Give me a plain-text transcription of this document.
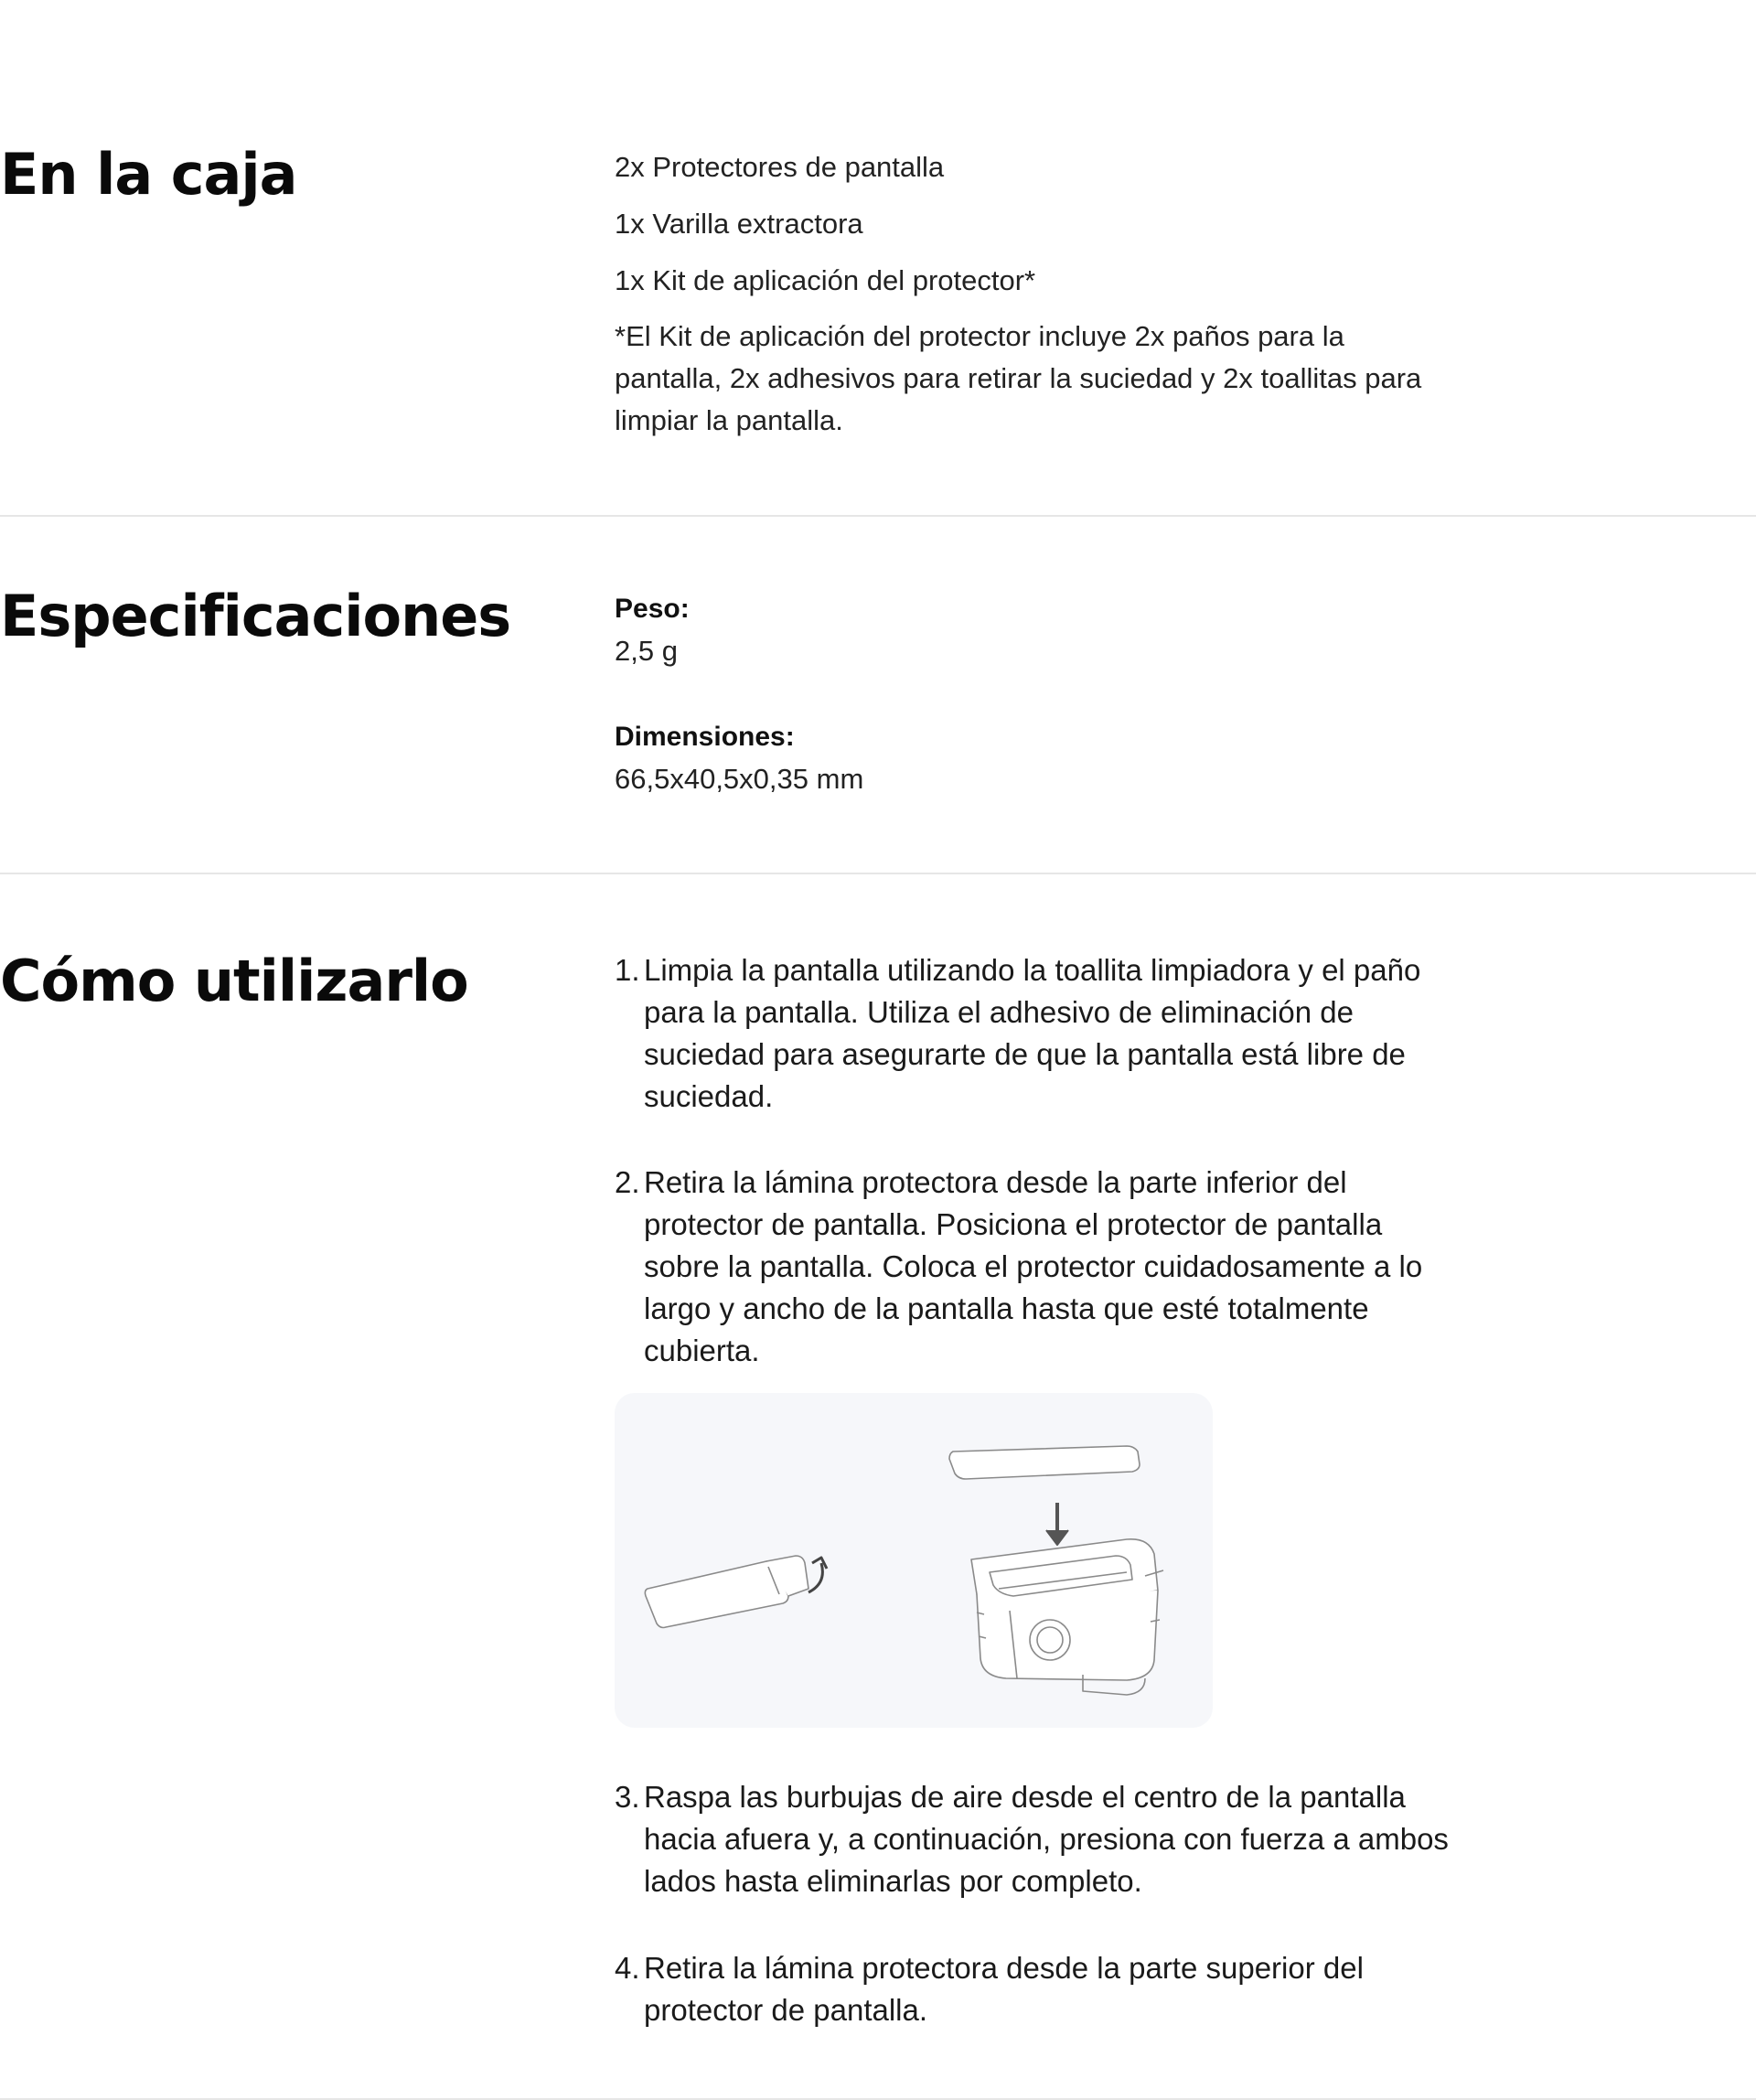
En la caja	2x Protectores de pantalla

1x Varilla extractora

1x Kit de aplicación del protector*

*El Kit de aplicación del protector incluye 2x paños para la pantalla, 2x adhesivos para retirar la suciedad y 2x toallitas para limpiar la pantalla.

Especificaciones	Peso:

2,5 g

Dimensiones:

66,5x40,5x0,35 mm

Cómo utilizarlo	1. Limpia la pantalla utilizando la toallita limpiadora y el paño para la pantalla. Utiliza el adhesivo de eliminación de suciedad para asegurarte de que la pantalla está libre de suciedad.
2. Retira la lámina protectora desde la parte inferior del protector de pantalla. Posiciona el protector de pantalla sobre la pantalla. Coloca el protector cuidadosamente a lo largo y ancho de la pantalla hasta que esté totalmente cubierta.
3. Raspa las burbujas de aire desde el centro de la pantalla hacia afuera y, a continuación, presiona con fuerza a ambos lados hasta eliminarlas por completo.
4. Retira la lámina protectora desde la parte superior del protector de pantalla.
